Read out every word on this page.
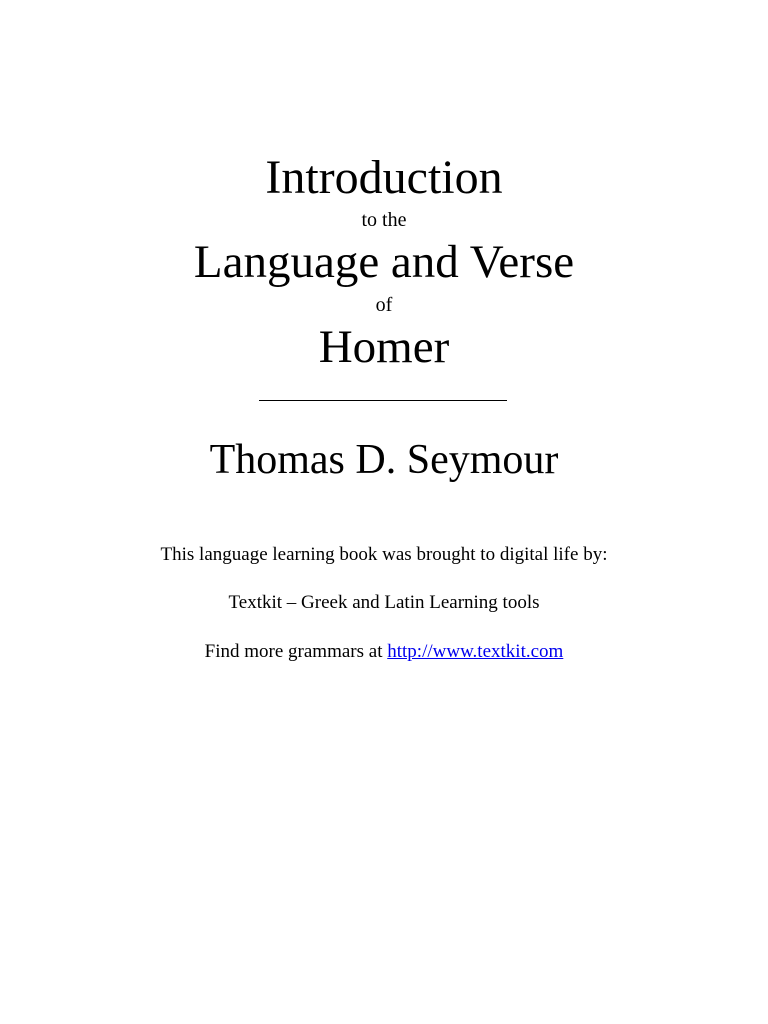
Introduction
to the
Language and Verse
of
Homer
Thomas D. Seymour
This language learning book was brought to digital life by:
Textkit – Greek and Latin Learning tools
Find more grammars at http://www.textkit.com
